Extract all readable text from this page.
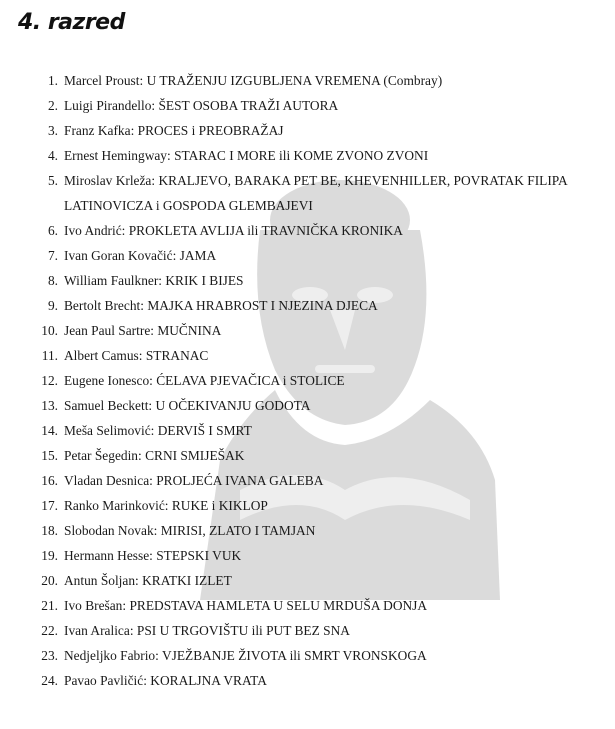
4. razred
1. Marcel Proust: U TRAŽENJU IZGUBLJENA VREMENA (Combray)
2. Luigi Pirandello: ŠEST OSOBA TRAŽI AUTORA
3. Franz Kafka: PROCES i PREOBRAŽAJ
4. Ernest Hemingway: STARAC I MORE ili KOME ZVONO ZVONI
5. Miroslav Krleža: KRALJEVO, BARAKA PET BE, KHEVENHILLER, POVRATAK FILIPA LATINOVICZA i GOSPODA GLEMBAJEVI
6. Ivo Andrić: PROKLETA AVLIJA ili TRAVNIČKA KRONIKA
7. Ivan Goran Kovačić: JAMA
8. William Faulkner: KRIK I BIJES
9. Bertolt Brecht: MAJKA HRABROST I NJEZINA DJECA
10. Jean Paul Sartre: MUČNINA
11. Albert Camus: STRANAC
12. Eugene Ionesco: ĆELAVA PJEVAČICA i STOLICE
13. Samuel Beckett: U OČEKIVANJU GODOTA
14. Meša Selimović: DERVIŠ I SMRT
15. Petar Šegedin: CRNI SMIJEŠAK
16. Vladan Desnica: PROLJEĆA IVANA GALEBA
17. Ranko Marinković: RUKE i KIKLOP
18. Slobodan Novak: MIRISI, ZLATO I TAMJAN
19. Hermann Hesse: STEPSKI VUK
20. Antun Šoljan: KRATKI IZLET
21. Ivo Brešan: PREDSTAVA HAMLETA U SELU MRDUŠA DONJA
22. Ivan Aralica: PSI U TRGOVIŠTU ili PUT BEZ SNA
23. Nedjeljko Fabrio: VJEŽBANJE ŽIVOTA ili SMRT VRONSKOGA
24. Pavao Pavličić: KORALJNA VRATA
